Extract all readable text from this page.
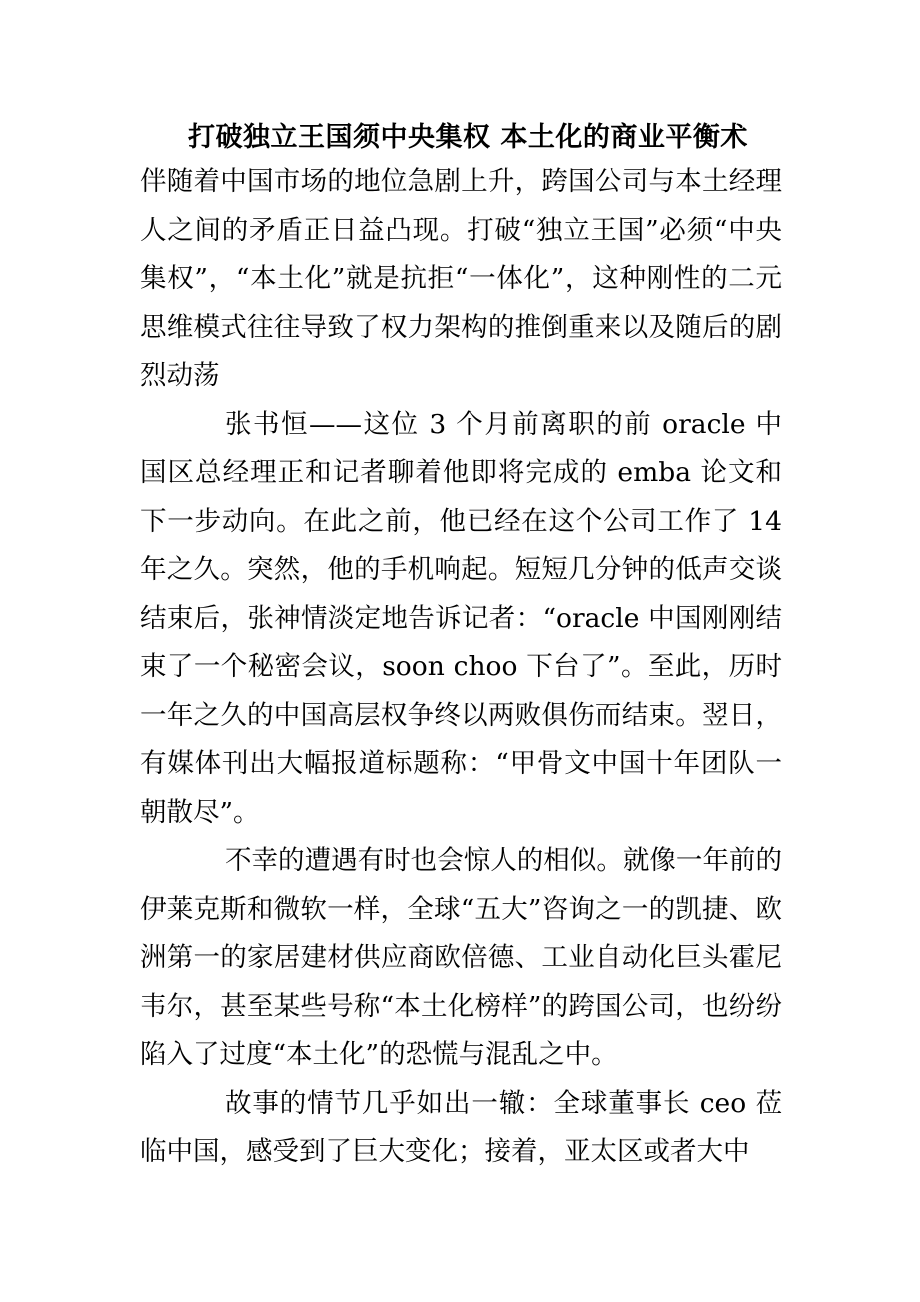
打破独立王国须中央集权 本土化的商业平衡术

伴随着中国市场的地位急剧上升，跨国公司与本土经理人之间的矛盾正日益凸现。打破“独立王国”必须“中央集权”，“本土化”就是抗拒“一体化”，这种刚性的二元思维模式往往导致了权力架构的推倒重来以及随后的剧烈动荡

张书恒——这位 3 个月前离职的前 oracle 中国区总经理正和记者聊着他即将完成的 emba 论文和下一步动向。在此之前，他已经在这个公司工作了 14 年之久。突然，他的手机响起。短短几分钟的低声交谈结束后，张神情淡定地告诉记者：“oracle 中国刚刚结束了一个秘密会议，soon choo 下台了”。至此，历时一年之久的中国高层权争终以两败俱伤而结束。翌日，有媒体刊出大幅报道标题称：“甲骨文中国十年团队一朝散尽”。

不幸的遭遇有时也会惊人的相似。就像一年前的伊莱克斯和微软一样，全球“五大”咨询之一的凯捷、欧洲第一的家居建材供应商欧倍德、工业自动化巨头霍尼韦尔，甚至某些号称“本土化榜样”的跨国公司，也纷纷陷入了过度“本土化”的恐慌与混乱之中。

故事的情节几乎如出一辙：全球董事长 ceo 莅临中国，感受到了巨大变化；接着，亚太区或者大中
